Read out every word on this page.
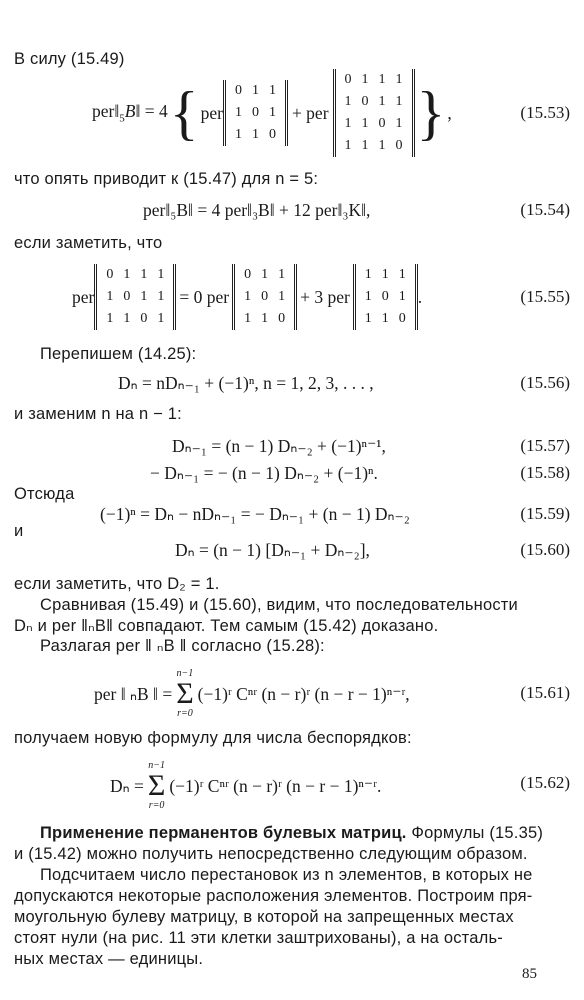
В силу (15.49)
$per‖_5B‖ = 4$ { per
0	1	1
1	0	1
1	1	0
+ per
0	1	1	1
1	0	1	1
1	1	0	1
1	1	1	0 } ,	(15.53)
что опять приводит к (15.47) для n = 5:
per‖₅B‖ = 4 per‖₃B‖ + 12 per‖₃K‖,	(15.54)
если заметить, что
per
0	1	1	1
1	0	1	1
1	1	0	1
= 0 per
0	1	1
1	0	1
1	1	0
+ 3 per
1	1	1
1	0	1
1	1	0
.	(15.55)
Перепишем (14.25):
Dₙ = nDₙ₋₁ + (−1)ⁿ, n = 1, 2, 3, . . . ,	(15.56)
и заменим n на n − 1:
Dₙ₋₁ = (n − 1) Dₙ₋₂ + (−1)ⁿ⁻¹,	(15.57)
− Dₙ₋₁ = − (n − 1) Dₙ₋₂ + (−1)ⁿ.	(15.58)
Отсюда
(−1)ⁿ = Dₙ − nDₙ₋₁ = − Dₙ₋₁ + (n − 1) Dₙ₋₂	(15.59)
и
Dₙ = (n − 1) [Dₙ₋₁ + Dₙ₋₂],	(15.60)
если заметить, что D₂ = 1.
Сравнивая (15.49) и (15.60), видим, что последовательности
Dₙ и per ‖ₙB‖ совпадают. Тем самым (15.42) доказано.
Разлагая per ‖ ₙB ‖ согласно (15.28):
per ‖ ₙB ‖ =
n−1
Σ
r=0
(−1)ʳ Cⁿʳ (n − r)ʳ (n − r − 1)ⁿ⁻ʳ,	(15.61)
получаем новую формулу для числа беспорядков:
Dₙ =
n−1
Σ
r=0
(−1)ʳ Cⁿʳ (n − r)ʳ (n − r − 1)ⁿ⁻ʳ.	(15.62)
Применение перманентов булевых матриц. Формулы (15.35)
и (15.42) можно получить непосредственно следующим образом.
Подсчитаем число перестановок из n элементов, в которых не
допускаются некоторые расположения элементов. Построим пря-
моугольную булеву матрицу, в которой на запрещенных местах
стоят нули (на рис. 11 эти клетки заштрихованы), а на осталь-
ных местах — единицы.
85
